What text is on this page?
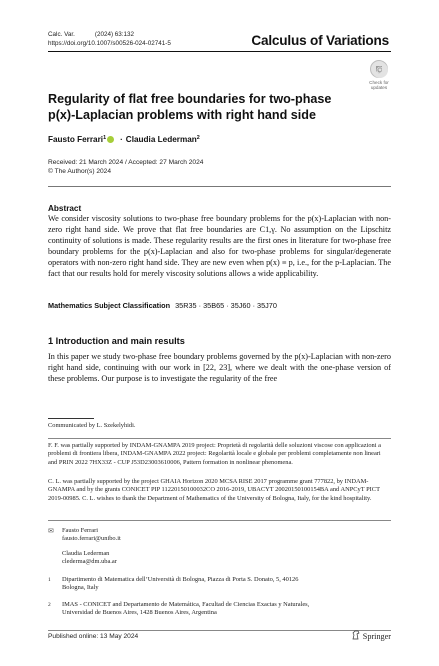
Calc. Var.	(2024) 63:132
https://doi.org/10.1007/s00526-024-02741-5	Calculus of Variations
Check for
updates
Regularity of flat free boundaries for two-phase
p(x)-Laplacian problems with right hand side
Fausto Ferrari 1 · Claudia Lederman 2
Received: 21 March 2024 / Accepted: 27 March 2024
© The Author(s) 2024
Abstract
We consider viscosity solutions to two-phase free boundary problems for the p(x)-Laplacian with non-zero right hand side. We prove that flat free boundaries are C1,γ. No assumption on the Lipschitz continuity of solutions is made. These regularity results are the first ones in literature for two-phase free boundary problems for the p(x)-Laplacian and also for two-phase problems for singular/degenerate operators with non-zero right hand side. They are new even when p(x) ≡ p, i.e., for the p-Laplacian. The fact that our results hold for merely viscosity solutions allows a wide applicability.
Mathematics Subject Classification 35R35 · 35B65 · 35J60 · 35J70
1 Introduction and main results
In this paper we study two-phase free boundary problems governed by the p(x)-Laplacian with non-zero right hand side, continuing with our work in [22, 23], where we dealt with the one-phase version of these problems. Our purpose is to investigate the regularity of the free
Communicated by L. Szekelyhidi.
F. F. was partially supported by INDAM-GNAMPA 2019 project: Proprietà di regolarità delle soluzioni viscose con applicazioni a problemi di frontiera libera, INDAM-GNAMPA 2022 project: Regolarità locale e globale per problemi completamente non lineari and PRIN 2022 7HX33Z - CUP J53D23003610006, Pattern formation in nonlinear phenomena.
C. L. was partially supported by the project GHAIA Horizon 2020 MCSA RISE 2017 programme grant 777822, by INDAM-GNAMPA and by the grants CONICET PIP 11220150100032CO 2016-2019, UBACYT 20020150100154BA and ANPCyT PICT 2019-00985. C. L. wishes to thank the Department of Mathematics of the University of Bologna, Italy, for the kind hospitality.
✉	Fausto Ferrari
fausto.ferrari@unibo.it
Claudia Lederman
clederma@dm.uba.ar
1	Dipartimento di Matematica dell’Università di Bologna, Piazza di Porta S. Donato, 5, 40126
Bologna, Italy
2	IMAS - CONICET and Departamento de Matemática, Facultad de Ciencias Exactas y Naturales,
Universidad de Buenos Aires, 1428 Buenos Aires, Argentina
Published online: 13 May 2024	Springer
